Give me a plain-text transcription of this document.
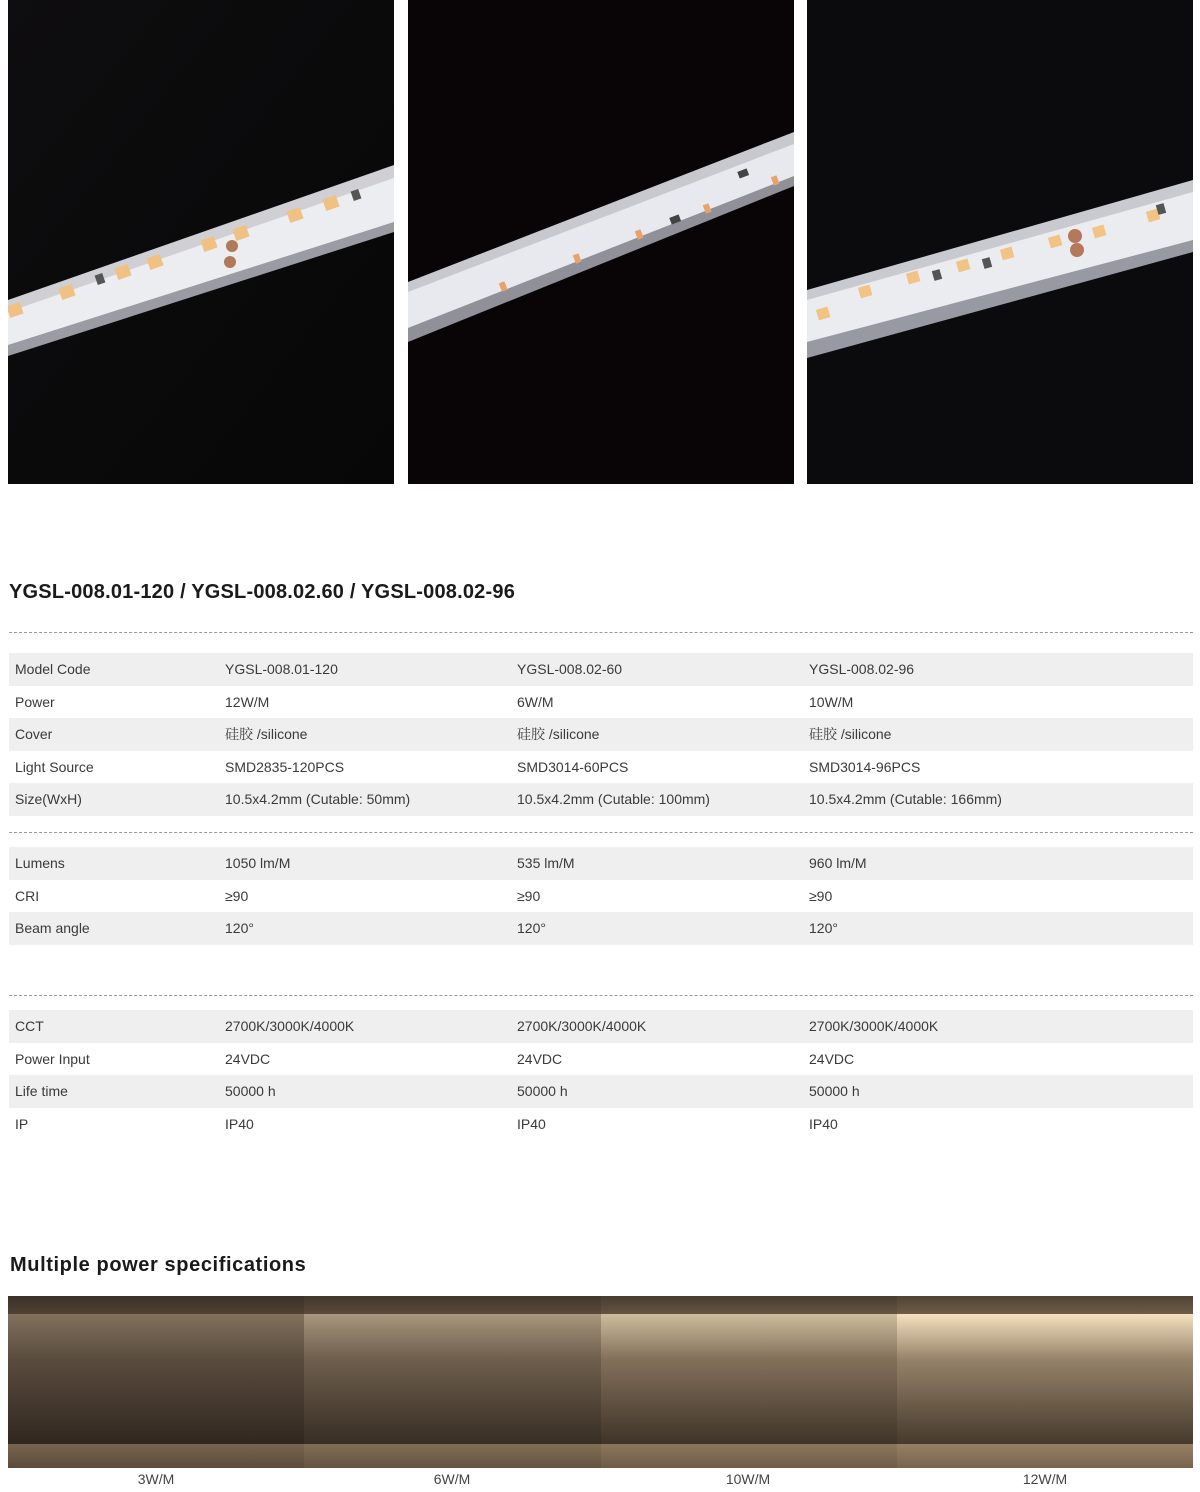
YGSL-008.01-120 / YGSL-008.02.60 / YGSL-008.02-96
Model Code	YGSL-008.01-120	YGSL-008.02-60	YGSL-008.02-96
Power	12W/M	6W/M	10W/M
Cover	硅胶 /silicone	硅胶 /silicone	硅胶 /silicone
Light Source	SMD2835-120PCS	SMD3014-60PCS	SMD3014-96PCS
Size(WxH)	10.5x4.2mm (Cutable: 50mm)	10.5x4.2mm (Cutable: 100mm)	10.5x4.2mm (Cutable: 166mm)
Lumens	1050 lm/M	535 lm/M	960 lm/M
CRI	≥90	≥90	≥90
Beam angle	120°	120°	120°
CCT	2700K/3000K/4000K	2700K/3000K/4000K	2700K/3000K/4000K
Power Input	24VDC	24VDC	24VDC
Life time	50000 h	50000 h	50000 h
IP	IP40	IP40	IP40
Multiple power specifications
3W/M	6W/M	10W/M	12W/M
